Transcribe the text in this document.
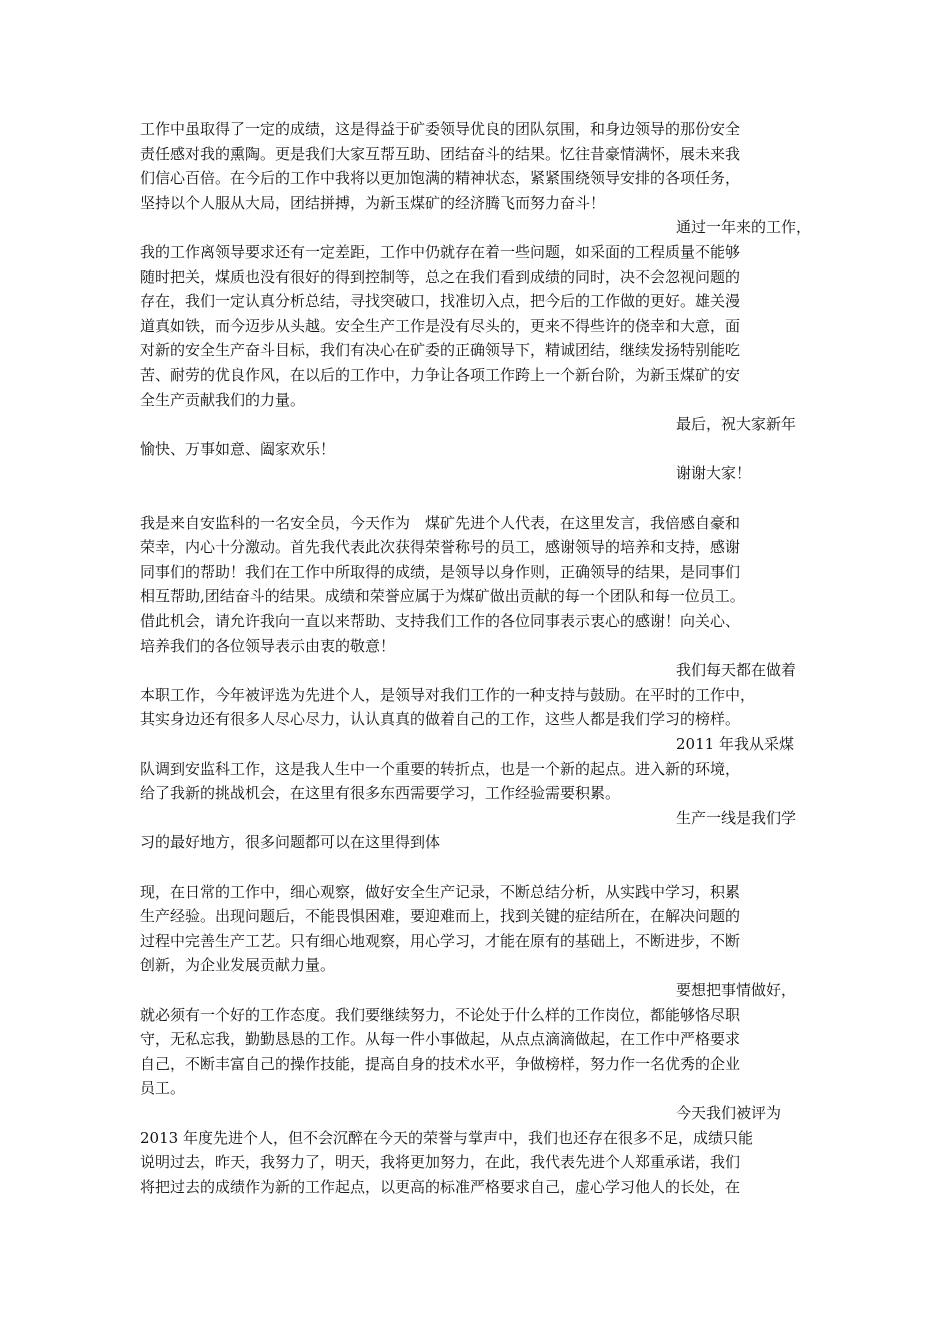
工作中虽取得了一定的成绩，这是得益于矿委领导优良的团队氛围，和身边领导的那份安全
责任感对我的熏陶。更是我们大家互帮互助、团结奋斗的结果。忆往昔豪情满怀，展未来我
们信心百倍。在今后的工作中我将以更加饱满的精神状态，紧紧围绕领导安排的各项任务，
坚持以个人服从大局，团结拼搏，为新玉煤矿的经济腾飞而努力奋斗！
通过一年来的工作，
我的工作离领导要求还有一定差距，工作中仍就存在着一些问题，如采面的工程质量不能够
随时把关，煤质也没有很好的得到控制等，总之在我们看到成绩的同时，决不会忽视问题的
存在，我们一定认真分析总结，寻找突破口，找准切入点，把今后的工作做的更好。雄关漫
道真如铁，而今迈步从头越。安全生产工作是没有尽头的，更来不得些许的侥幸和大意，面
对新的安全生产奋斗目标，我们有决心在矿委的正确领导下，精诚团结，继续发扬特别能吃
苦、耐劳的优良作风，在以后的工作中，力争让各项工作跨上一个新台阶，为新玉煤矿的安
全生产贡献我们的力量。
最后，祝大家新年
愉快、万事如意、阖家欢乐！
谢谢大家！
我是来自安监科的一名安全员，今天作为　煤矿先进个人代表，在这里发言，我倍感自豪和
荣幸，内心十分激动。首先我代表此次获得荣誉称号的员工，感谢领导的培养和支持，感谢
同事们的帮助！我们在工作中所取得的成绩，是领导以身作则，正确领导的结果，是同事们
相互帮助,团结奋斗的结果。成绩和荣誉应属于为煤矿做出贡献的每一个团队和每一位员工。
借此机会，请允许我向一直以来帮助、支持我们工作的各位同事表示衷心的感谢！向关心、
培养我们的各位领导表示由衷的敬意！
我们每天都在做着
本职工作，今年被评选为先进个人，是领导对我们工作的一种支持与鼓励。在平时的工作中，
其实身边还有很多人尽心尽力，认认真真的做着自己的工作，这些人都是我们学习的榜样。
2011 年我从采煤
队调到安监科工作，这是我人生中一个重要的转折点，也是一个新的起点。进入新的环境，
给了我新的挑战机会，在这里有很多东西需要学习，工作经验需要积累。
生产一线是我们学
习的最好地方，很多问题都可以在这里得到体
现，在日常的工作中，细心观察，做好安全生产记录，不断总结分析，从实践中学习，积累
生产经验。出现问题后，不能畏惧困难，要迎难而上，找到关键的症结所在，在解决问题的
过程中完善生产工艺。只有细心地观察，用心学习，才能在原有的基础上，不断进步，不断
创新，为企业发展贡献力量。
要想把事情做好，
就必须有一个好的工作态度。我们要继续努力，不论处于什么样的工作岗位，都能够恪尽职
守，无私忘我，勤勤恳恳的工作。从每一件小事做起，从点点滴滴做起，在工作中严格要求
自己，不断丰富自己的操作技能，提高自身的技术水平，争做榜样，努力作一名优秀的企业
员工。
今天我们被评为
2013 年度先进个人，但不会沉醉在今天的荣誉与掌声中，我们也还存在很多不足，成绩只能
说明过去，昨天，我努力了，明天，我将更加努力，在此，我代表先进个人郑重承诺，我们
将把过去的成绩作为新的工作起点，以更高的标准严格要求自己，虚心学习他人的长处，在
